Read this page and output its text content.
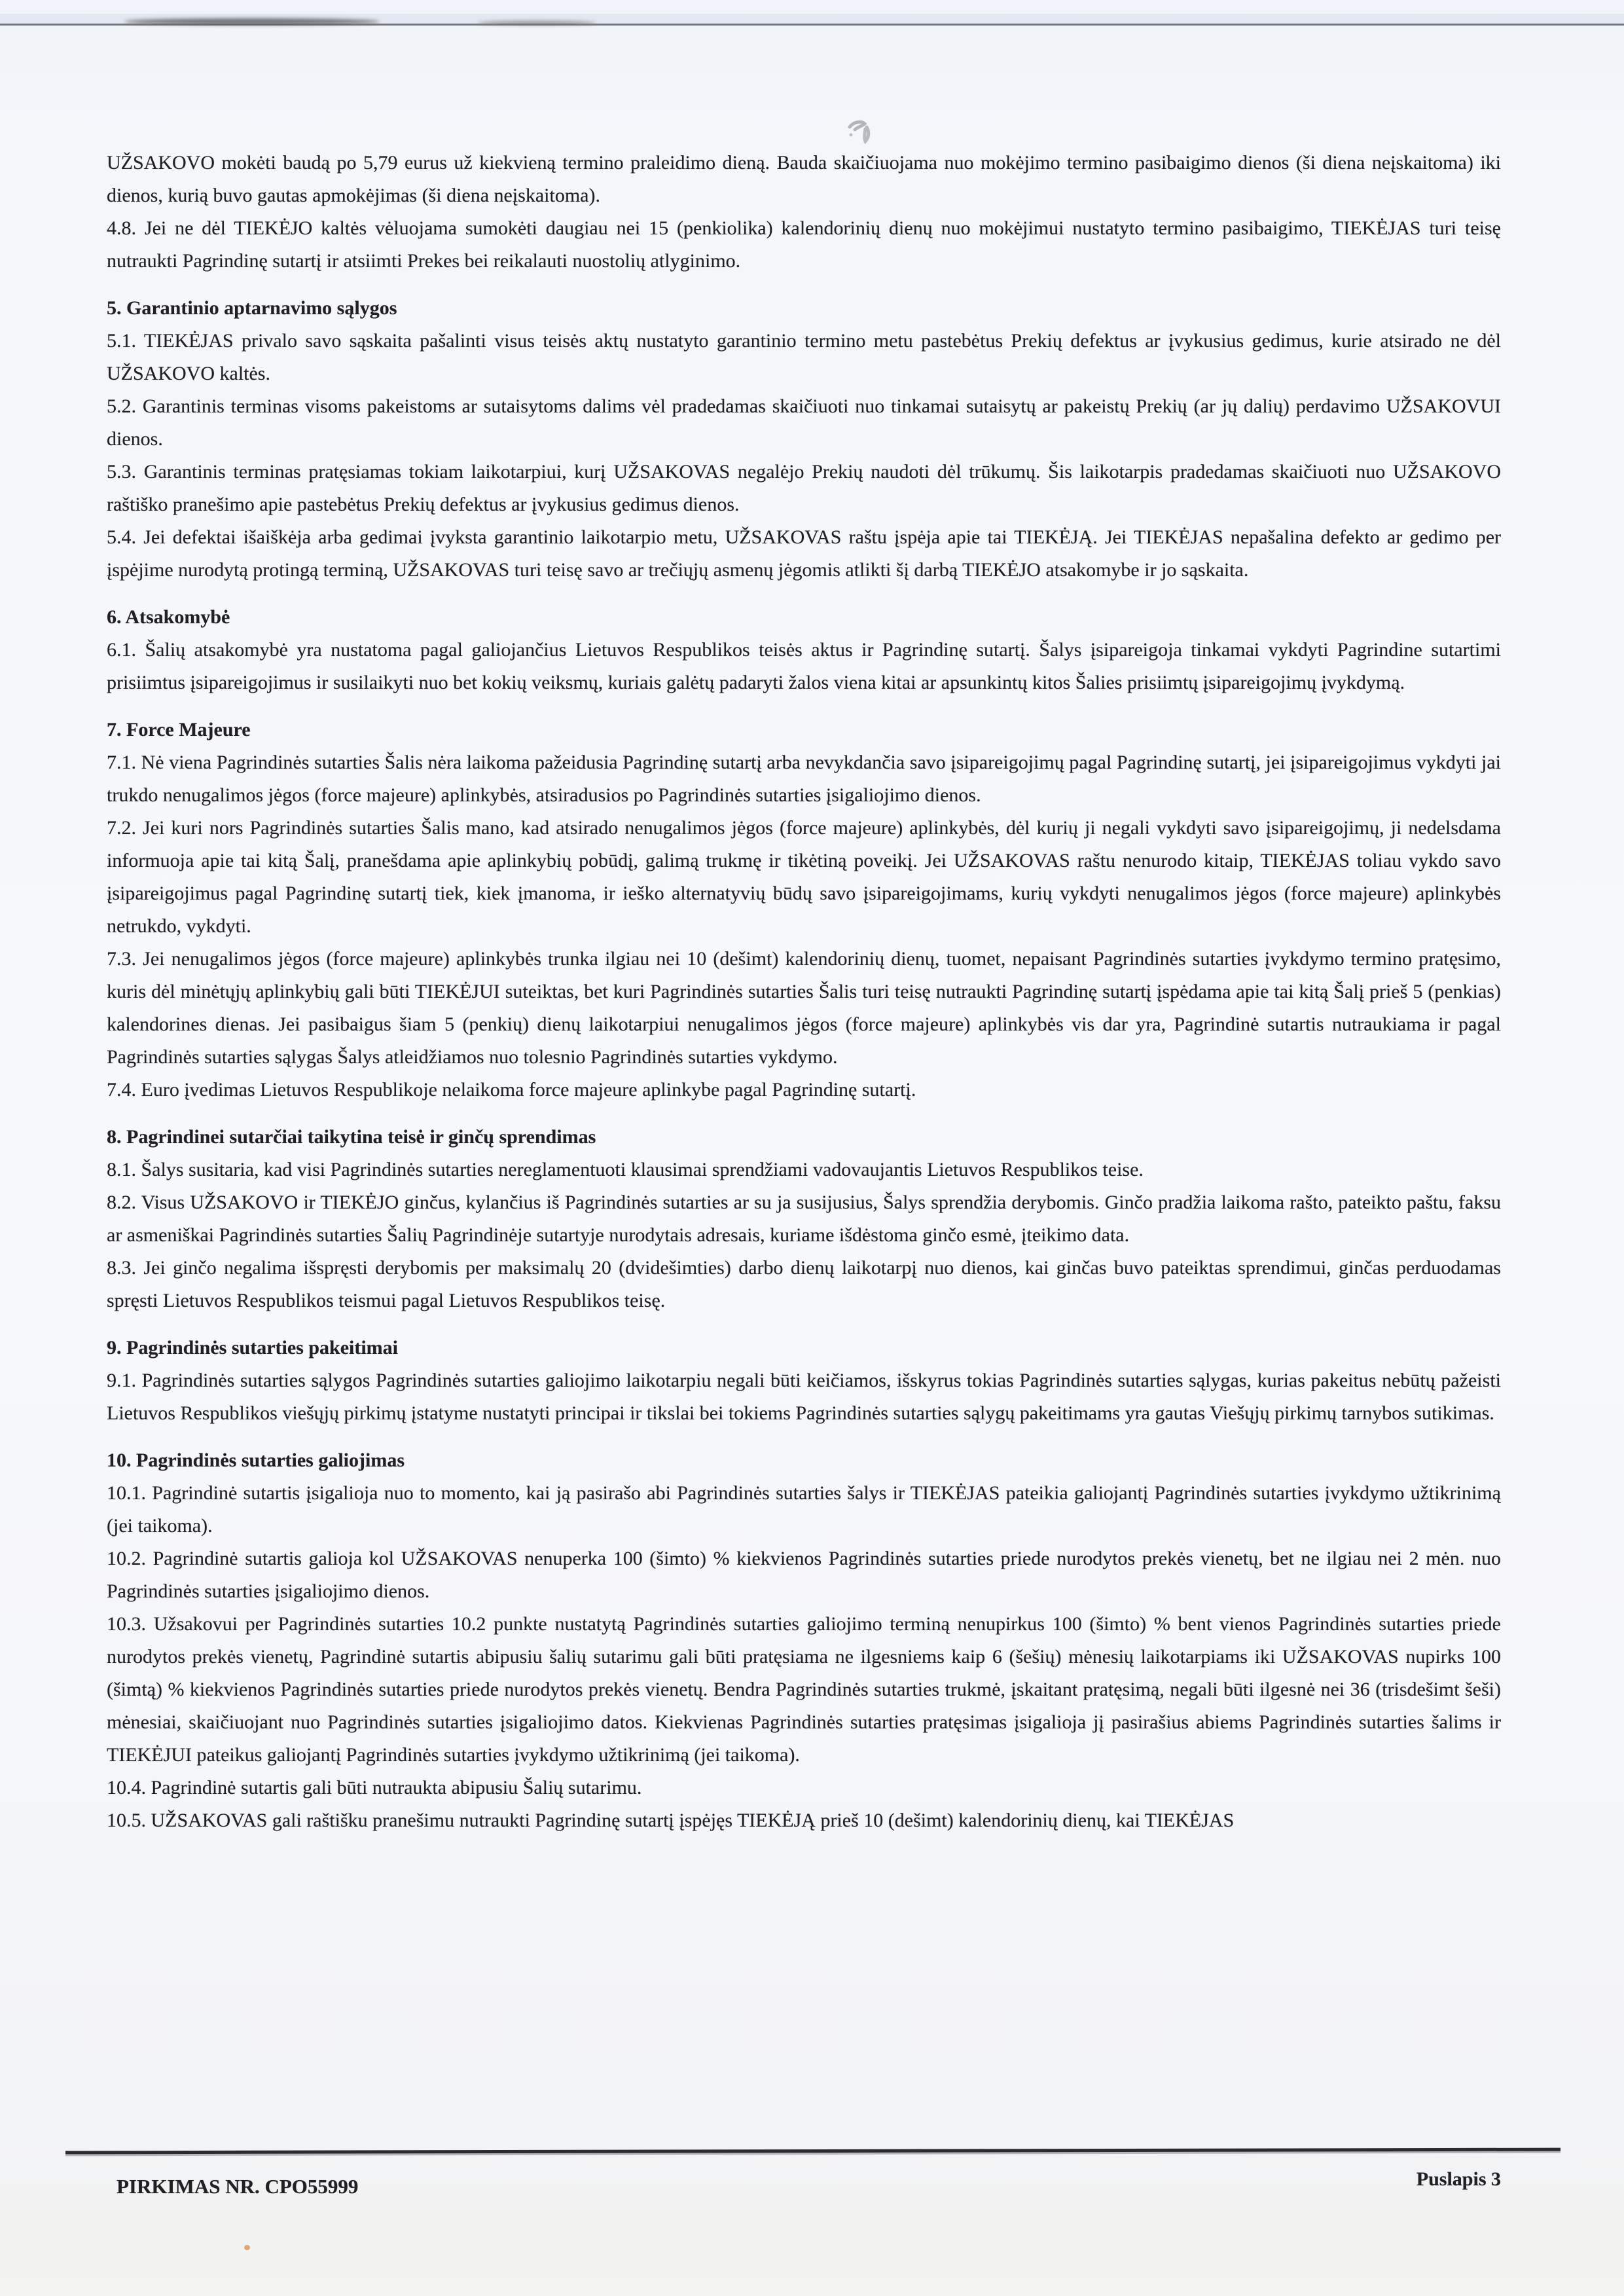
UŽSAKOVO mokėti baudą po 5,79 eurus už kiekvieną termino praleidimo dieną. Bauda skaičiuojama nuo mokėjimo termino pasibaigimo dienos (ši diena neįskaitoma) iki dienos, kurią buvo gautas apmokėjimas (ši diena neįskaitoma).

4.8. Jei ne dėl TIEKĖJO kaltės vėluojama sumokėti daugiau nei 15 (penkiolika) kalendorinių dienų nuo mokėjimui nustatyto termino pasibaigimo, TIEKĖJAS turi teisę nutraukti Pagrindinę sutartį ir atsiimti Prekes bei reikalauti nuostolių atlyginimo.

5. Garantinio aptarnavimo sąlygos

5.1. TIEKĖJAS privalo savo sąskaita pašalinti visus teisės aktų nustatyto garantinio termino metu pastebėtus Prekių defektus ar įvykusius gedimus, kurie atsirado ne dėl UŽSAKOVO kaltės.

5.2. Garantinis terminas visoms pakeistoms ar sutaisytoms dalims vėl pradedamas skaičiuoti nuo tinkamai sutaisytų ar pakeistų Prekių (ar jų dalių) perdavimo UŽSAKOVUI dienos.

5.3. Garantinis terminas pratęsiamas tokiam laikotarpiui, kurį UŽSAKOVAS negalėjo Prekių naudoti dėl trūkumų. Šis laikotarpis pradedamas skaičiuoti nuo UŽSAKOVO raštiško pranešimo apie pastebėtus Prekių defektus ar įvykusius gedimus dienos.

5.4. Jei defektai išaiškėja arba gedimai įvyksta garantinio laikotarpio metu, UŽSAKOVAS raštu įspėja apie tai TIEKĖJĄ. Jei TIEKĖJAS nepašalina defekto ar gedimo per įspėjime nurodytą protingą terminą, UŽSAKOVAS turi teisę savo ar trečiųjų asmenų jėgomis atlikti šį darbą TIEKĖJO atsakomybe ir jo sąskaita.

6. Atsakomybė

6.1. Šalių atsakomybė yra nustatoma pagal galiojančius Lietuvos Respublikos teisės aktus ir Pagrindinę sutartį. Šalys įsipareigoja tinkamai vykdyti Pagrindine sutartimi prisiimtus įsipareigojimus ir susilaikyti nuo bet kokių veiksmų, kuriais galėtų padaryti žalos viena kitai ar apsunkintų kitos Šalies prisiimtų įsipareigojimų įvykdymą.

7. Force Majeure

7.1. Nė viena Pagrindinės sutarties Šalis nėra laikoma pažeidusia Pagrindinę sutartį arba nevykdančia savo įsipareigojimų pagal Pagrindinę sutartį, jei įsipareigojimus vykdyti jai trukdo nenugalimos jėgos (force majeure) aplinkybės, atsiradusios po Pagrindinės sutarties įsigaliojimo dienos.

7.2. Jei kuri nors Pagrindinės sutarties Šalis mano, kad atsirado nenugalimos jėgos (force majeure) aplinkybės, dėl kurių ji negali vykdyti savo įsipareigojimų, ji nedelsdama informuoja apie tai kitą Šalį, pranešdama apie aplinkybių pobūdį, galimą trukmę ir tikėtiną poveikį. Jei UŽSAKOVAS raštu nenurodo kitaip, TIEKĖJAS toliau vykdo savo įsipareigojimus pagal Pagrindinę sutartį tiek, kiek įmanoma, ir ieško alternatyvių būdų savo įsipareigojimams, kurių vykdyti nenugalimos jėgos (force majeure) aplinkybės netrukdo, vykdyti.

7.3. Jei nenugalimos jėgos (force majeure) aplinkybės trunka ilgiau nei 10 (dešimt) kalendorinių dienų, tuomet, nepaisant Pagrindinės sutarties įvykdymo termino pratęsimo, kuris dėl minėtųjų aplinkybių gali būti TIEKĖJUI suteiktas, bet kuri Pagrindinės sutarties Šalis turi teisę nutraukti Pagrindinę sutartį įspėdama apie tai kitą Šalį prieš 5 (penkias) kalendorines dienas. Jei pasibaigus šiam 5 (penkių) dienų laikotarpiui nenugalimos jėgos (force majeure) aplinkybės vis dar yra, Pagrindinė sutartis nutraukiama ir pagal Pagrindinės sutarties sąlygas Šalys atleidžiamos nuo tolesnio Pagrindinės sutarties vykdymo.

7.4. Euro įvedimas Lietuvos Respublikoje nelaikoma force majeure aplinkybe pagal Pagrindinę sutartį.

8. Pagrindinei sutarčiai taikytina teisė ir ginčų sprendimas

8.1. Šalys susitaria, kad visi Pagrindinės sutarties nereglamentuoti klausimai sprendžiami vadovaujantis Lietuvos Respublikos teise.

8.2. Visus UŽSAKOVO ir TIEKĖJO ginčus, kylančius iš Pagrindinės sutarties ar su ja susijusius, Šalys sprendžia derybomis. Ginčo pradžia laikoma rašto, pateikto paštu, faksu ar asmeniškai Pagrindinės sutarties Šalių Pagrindinėje sutartyje nurodytais adresais, kuriame išdėstoma ginčo esmė, įteikimo data.

8.3. Jei ginčo negalima išspręsti derybomis per maksimalų 20 (dvidešimties) darbo dienų laikotarpį nuo dienos, kai ginčas buvo pateiktas sprendimui, ginčas perduodamas spręsti Lietuvos Respublikos teismui pagal Lietuvos Respublikos teisę.

9. Pagrindinės sutarties pakeitimai

9.1. Pagrindinės sutarties sąlygos Pagrindinės sutarties galiojimo laikotarpiu negali būti keičiamos, išskyrus tokias Pagrindinės sutarties sąlygas, kurias pakeitus nebūtų pažeisti Lietuvos Respublikos viešųjų pirkimų įstatyme nustatyti principai ir tikslai bei tokiems Pagrindinės sutarties sąlygų pakeitimams yra gautas Viešųjų pirkimų tarnybos sutikimas.

10. Pagrindinės sutarties galiojimas

10.1. Pagrindinė sutartis įsigalioja nuo to momento, kai ją pasirašo abi Pagrindinės sutarties šalys ir TIEKĖJAS pateikia galiojantį Pagrindinės sutarties įvykdymo užtikrinimą (jei taikoma).

10.2. Pagrindinė sutartis galioja kol UŽSAKOVAS nenuperka 100 (šimto) % kiekvienos Pagrindinės sutarties priede nurodytos prekės vienetų, bet ne ilgiau nei 2 mėn. nuo Pagrindinės sutarties įsigaliojimo dienos.

10.3. Užsakovui per Pagrindinės sutarties 10.2 punkte nustatytą Pagrindinės sutarties galiojimo terminą nenupirkus 100 (šimto) % bent vienos Pagrindinės sutarties priede nurodytos prekės vienetų, Pagrindinė sutartis abipusiu šalių sutarimu gali būti pratęsiama ne ilgesniems kaip 6 (šešių) mėnesių laikotarpiams iki UŽSAKOVAS nupirks 100 (šimtą) % kiekvienos Pagrindinės sutarties priede nurodytos prekės vienetų. Bendra Pagrindinės sutarties trukmė, įskaitant pratęsimą, negali būti ilgesnė nei 36 (trisdešimt šeši) mėnesiai, skaičiuojant nuo Pagrindinės sutarties įsigaliojimo datos. Kiekvienas Pagrindinės sutarties pratęsimas įsigalioja jį pasirašius abiems Pagrindinės sutarties šalims ir TIEKĖJUI pateikus galiojantį Pagrindinės sutarties įvykdymo užtikrinimą (jei taikoma).

10.4. Pagrindinė sutartis gali būti nutraukta abipusiu Šalių sutarimu.

10.5. UŽSAKOVAS gali raštišku pranešimu nutraukti Pagrindinę sutartį įspėjęs TIEKĖJĄ prieš 10 (dešimt) kalendorinių dienų, kai TIEKĖJAS

PIRKIMAS NR. CPO55999	Puslapis 3
